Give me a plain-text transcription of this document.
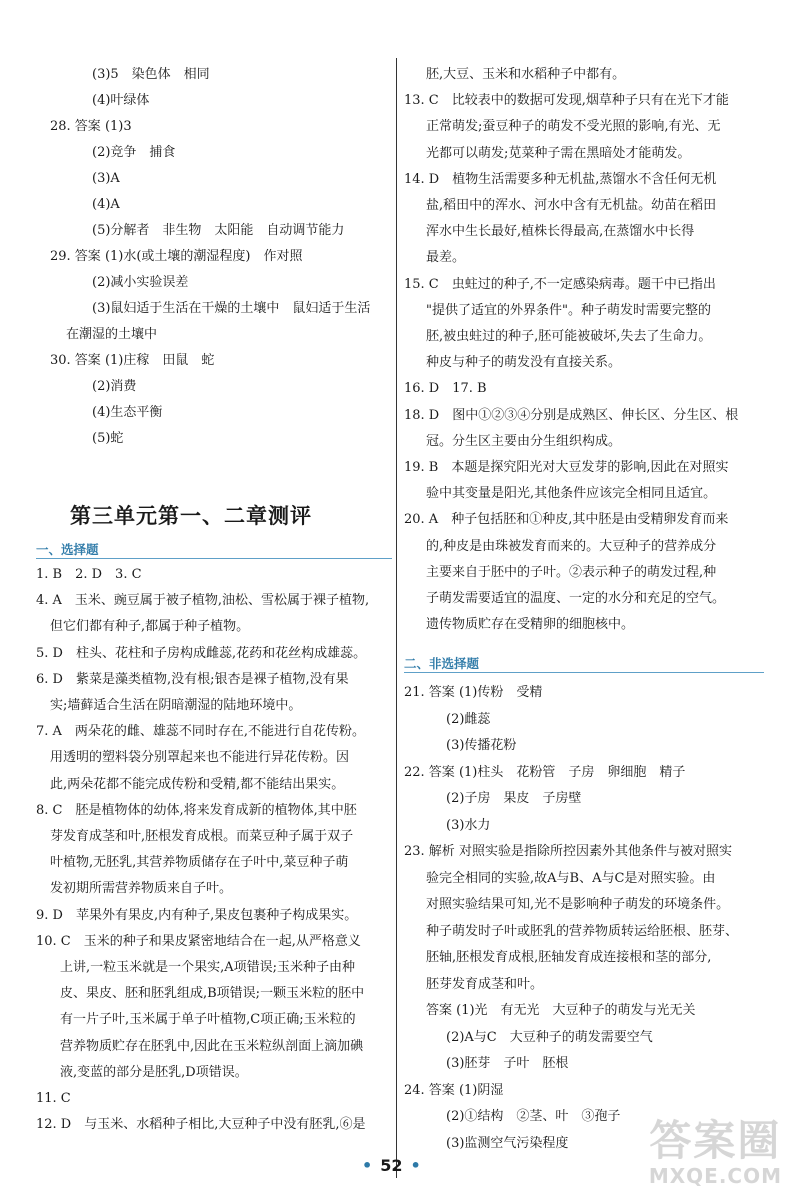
(3)5　染色体　相同
(4)叶绿体
28. 答案 (1)3
(2)竞争　捕食
(3)A
(4)A
(5)分解者　非生物　太阳能　自动调节能力
29. 答案 (1)水(或土壤的潮湿程度)　作对照
(2)减小实验误差
(3)鼠妇适于生活在干燥的土壤中　鼠妇适于生活
在潮湿的土壤中
30. 答案 (1)庄稼　田鼠　蛇
(2)消费
(4)生态平衡
(5)蛇
第三单元第一、二章测评
一、选择题
二、非选择题
• 52 •
答案圈
MXQE.COM
1. B　2. D　3. C
4. A　玉米、豌豆属于被子植物,油松、雪松属于裸子植物,
但它们都有种子,都属于种子植物。
5. D　柱头、花柱和子房构成雌蕊,花药和花丝构成雄蕊。
6. D　紫菜是藻类植物,没有根;银杏是裸子植物,没有果
实;墙藓适合生活在阴暗潮湿的陆地环境中。
7. A　两朵花的雌、雄蕊不同时存在,不能进行自花传粉。
用透明的塑料袋分别罩起来也不能进行异花传粉。因
此,两朵花都不能完成传粉和受精,都不能结出果实。
8. C　胚是植物体的幼体,将来发育成新的植物体,其中胚
芽发育成茎和叶,胚根发育成根。而菜豆种子属于双子
叶植物,无胚乳,其营养物质储存在子叶中,菜豆种子萌
发初期所需营养物质来自子叶。
9. D　苹果外有果皮,内有种子,果皮包裹种子构成果实。
10. C　玉米的种子和果皮紧密地结合在一起,从严格意义
上讲,一粒玉米就是一个果实,A项错误;玉米种子由种
皮、果皮、胚和胚乳组成,B项错误;一颗玉米粒的胚中
有一片子叶,玉米属于单子叶植物,C项正确;玉米粒的
营养物质贮存在胚乳中,因此在玉米粒纵剖面上滴加碘
液,变蓝的部分是胚乳,D项错误。
11. C
12. D　与玉米、水稻种子相比,大豆种子中没有胚乳,⑥是
胚,大豆、玉米和水稻种子中都有。
13. C　比较表中的数据可发现,烟草种子只有在光下才能
正常萌发;蚕豆种子的萌发不受光照的影响,有光、无
光都可以萌发;苋菜种子需在黑暗处才能萌发。
14. D　植物生活需要多种无机盐,蒸馏水不含任何无机
盐,稻田中的浑水、河水中含有无机盐。幼苗在稻田
浑水中生长最好,植株长得最高,在蒸馏水中长得
最差。
15. C　虫蛀过的种子,不一定感染病毒。题干中已指出
"提供了适宜的外界条件"。种子萌发时需要完整的
胚,被虫蛀过的种子,胚可能被破坏,失去了生命力。
种皮与种子的萌发没有直接关系。
16. D　17. B
18. D　图中①②③④分别是成熟区、伸长区、分生区、根
冠。分生区主要由分生组织构成。
19. B　本题是探究阳光对大豆发芽的影响,因此在对照实
验中其变量是阳光,其他条件应该完全相同且适宜。
20. A　种子包括胚和①种皮,其中胚是由受精卵发育而来
的,种皮是由珠被发育而来的。大豆种子的营养成分
主要来自于胚中的子叶。②表示种子的萌发过程,种
子萌发需要适宜的温度、一定的水分和充足的空气。
遗传物质贮存在受精卵的细胞核中。
21. 答案 (1)传粉　受精
(2)雌蕊
(3)传播花粉
22. 答案 (1)柱头　花粉管　子房　卵细胞　精子
(2)子房　果皮　子房壁
(3)水力
23. 解析 对照实验是指除所控因素外其他条件与被对照实
验完全相同的实验,故A与B、A与C是对照实验。由
对照实验结果可知,光不是影响种子萌发的环境条件。
种子萌发时子叶或胚乳的营养物质转运给胚根、胚芽、
胚轴,胚根发育成根,胚轴发育成连接根和茎的部分,
胚芽发育成茎和叶。
答案 (1)光　有无光　大豆种子的萌发与光无关
(2)A与C　大豆种子的萌发需要空气
(3)胚芽　子叶　胚根
24. 答案 (1)阴湿
(2)①结构　②茎、叶　③孢子
(3)监测空气污染程度
